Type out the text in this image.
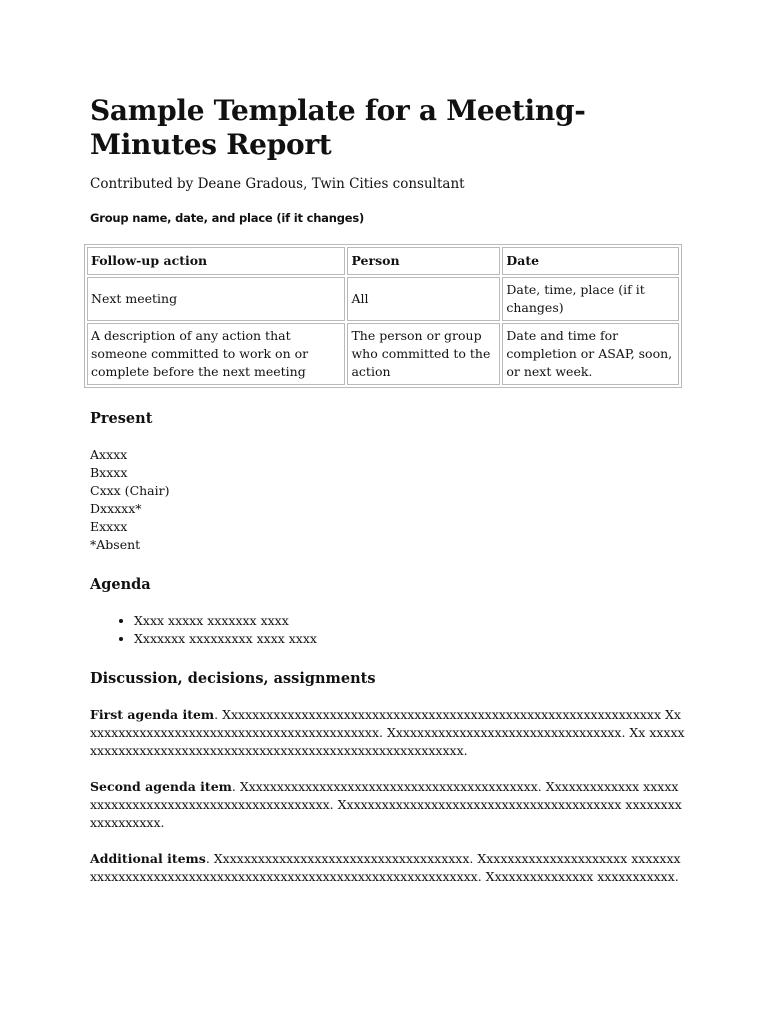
Sample Template for a Meeting-Minutes Report
Contributed by Deane Gradous, Twin Cities consultant
Group name, date, and place (if it changes)
Follow-up action	Person	Date
Next meeting	All	Date, time, place (if it changes)
A description of any action that someone committed to work on or complete before the next meeting	The person or group who committed to the action	Date and time for completion or ASAP, soon, or next week.
Present
Axxxx
Bxxxx
Cxxx (Chair)
Dxxxxx*
Exxxx
*Absent
Agenda
• Xxxx xxxxx xxxxxxx xxxx
• Xxxxxxx xxxxxxxxx xxxx xxxx
Discussion, decisions, assignments

First agenda item. Xxxxxxxxxxxxxxxxxxxxxxxxxxxxxxxxxxxxxxxxxxxxxxxxxxxxxxxxxxxxxx Xxxxxxxxxxxxxxxxxxxxxxxxxxxxxxxxxxxxxxxxxxx. Xxxxxxxxxxxxxxxxxxxxxxxxxxxxxxxxx. Xx xxxxxxxxxxxxxxxxxxxxxxxxxxxxxxxxxxxxxxxxxxxxxxxxxxxxxxxxxx.

Second agenda item. Xxxxxxxxxxxxxxxxxxxxxxxxxxxxxxxxxxxxxxxxxx. Xxxxxxxxxxxxx xxxxxxxxxxxxxxxxxxxxxxxxxxxxxxxxxxxxxxx. Xxxxxxxxxxxxxxxxxxxxxxxxxxxxxxxxxxxxxxxx xxxxxxxxxxxxxxxxxx.

Additional items. Xxxxxxxxxxxxxxxxxxxxxxxxxxxxxxxxxxxx. Xxxxxxxxxxxxxxxxxxxxx xxxxxxxxxxxxxxxxxxxxxxxxxxxxxxxxxxxxxxxxxxxxxxxxxxxxxxxxxxxxxx. Xxxxxxxxxxxxxxx xxxxxxxxxxx.
